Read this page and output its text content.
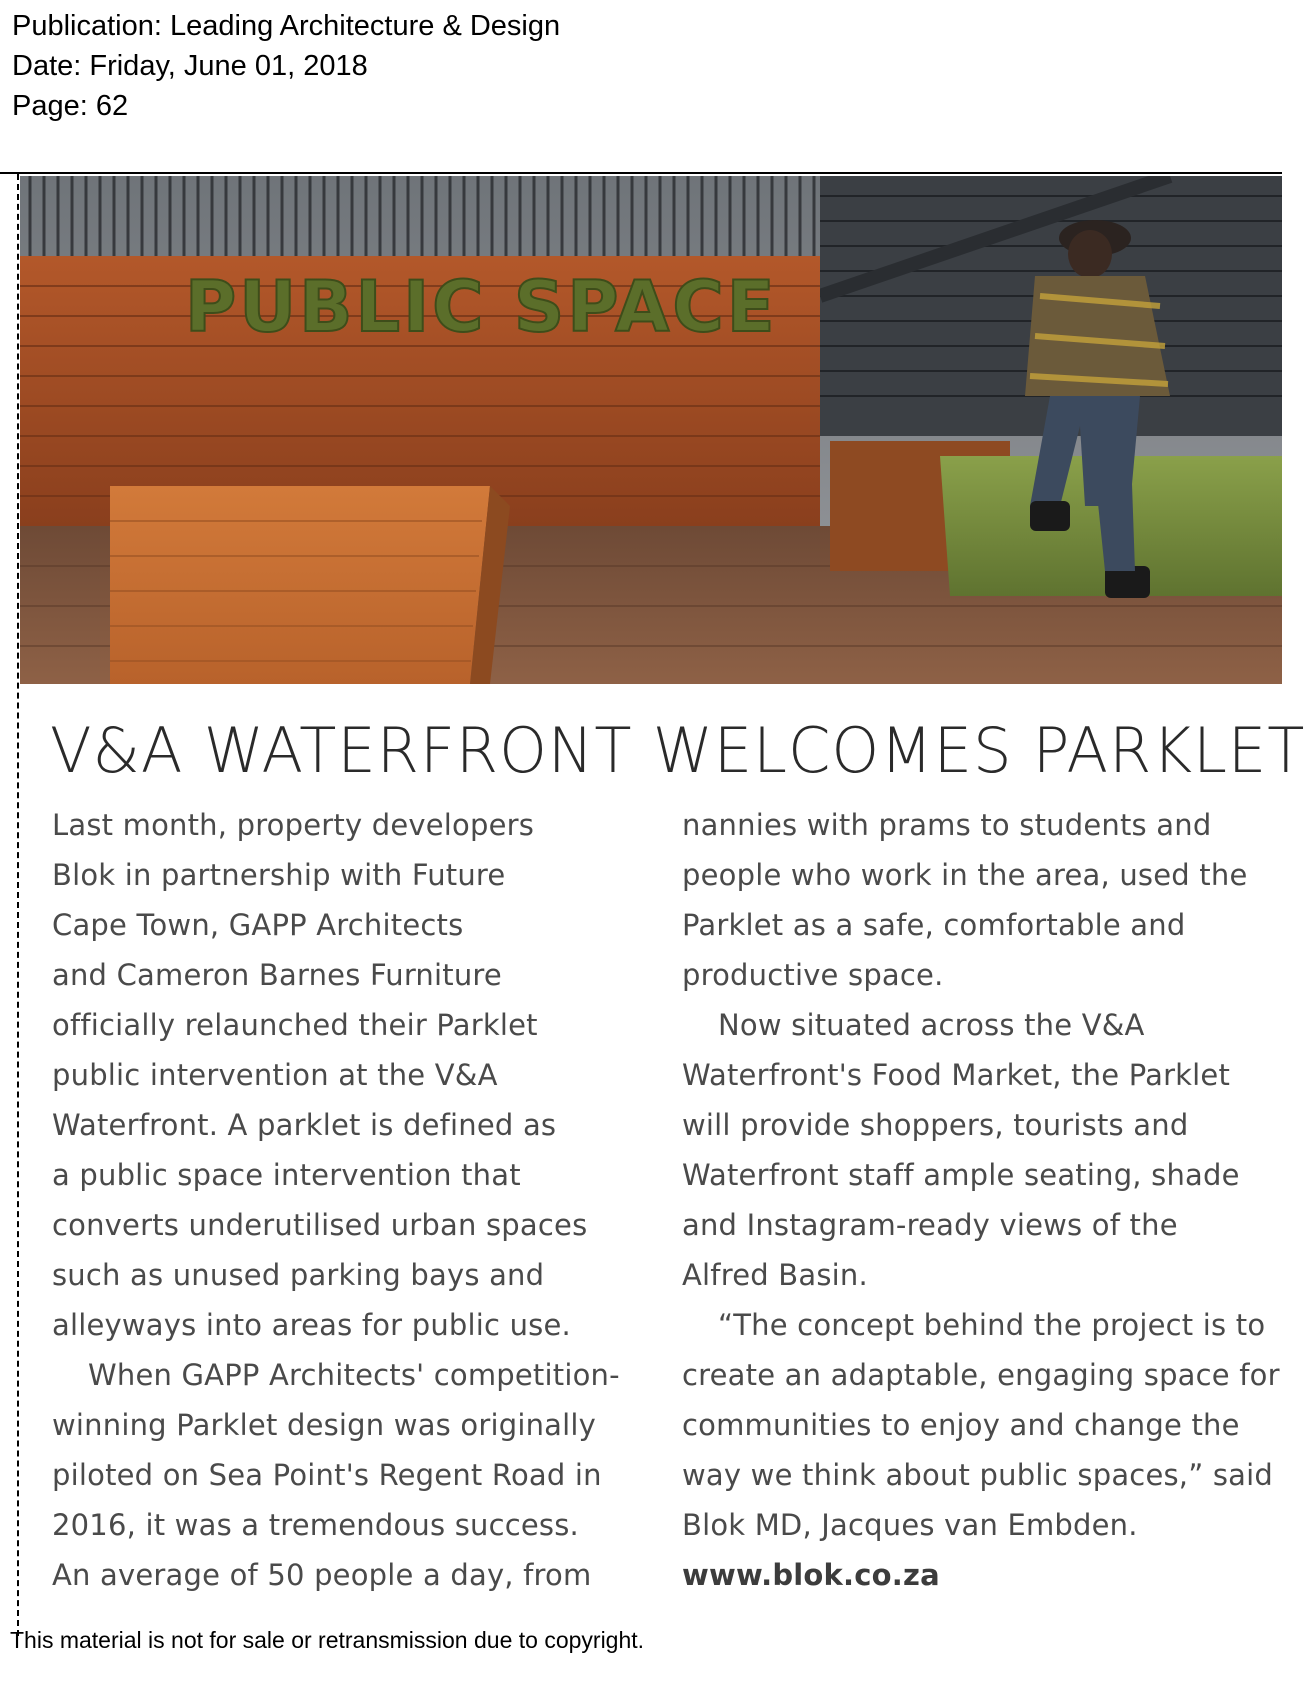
Publication: Leading Architecture & Design
Date: Friday, June 01, 2018
Page: 62
PUBLIC SPACE
V&A WATERFRONT WELCOMES PARKLET
Last month, property developers
Blok in partnership with Future
Cape Town, GAPP Architects
and Cameron Barnes Furniture
officially relaunched their Parklet
public intervention at the V&A
Waterfront. A parklet is defined as
a public space intervention that
converts underutilised urban spaces
such as unused parking bays and
alleyways into areas for public use.
When GAPP Architects' competition-
winning Parklet design was originally
piloted on Sea Point's Regent Road in
2016, it was a tremendous success.
An average of 50 people a day, from
nannies with prams to students and
people who work in the area, used the
Parklet as a safe, comfortable and
productive space.
Now situated across the V&A
Waterfront's Food Market, the Parklet
will provide shoppers, tourists and
Waterfront staff ample seating, shade
and Instagram-ready views of the
Alfred Basin.
“The concept behind the project is to
create an adaptable, engaging space for
communities to enjoy and change the
way we think about public spaces,” said
Blok MD, Jacques van Embden.
www.blok.co.za
This material is not for sale or retransmission due to copyright.
